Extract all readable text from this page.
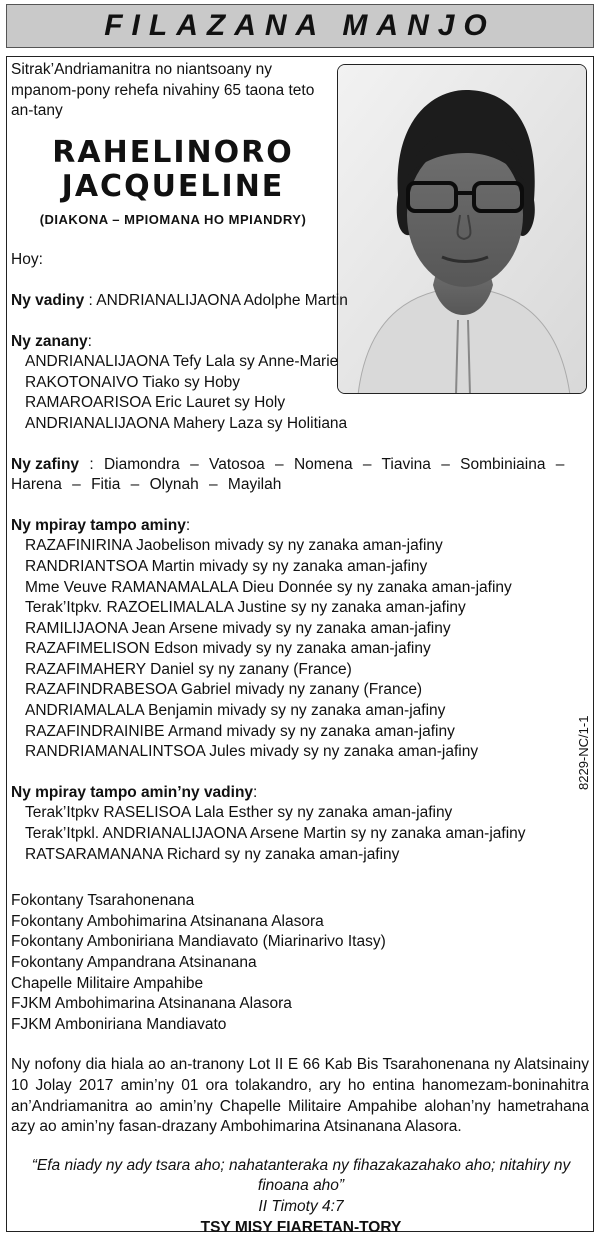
FILAZANA MANJO

Sitrak’Andriamanitra no niantsoany ny mpanom-pony rehefa nivahiny 65 taona teto an-tany

RAHELINORO
JACQUELINE
(DIAKONA – MPIOMANA HO MPIANDRY)

Hoy:

Ny vadiny : ANDRIANALIJAONA Adolphe Martin

Ny zanany:

ANDRIANALIJAONA Tefy Lala sy Anne-Marie
RAKOTONAIVO Tiako sy Hoby
RAMAROARISOA Eric Lauret sy Holy
ANDRIANALIJAONA Mahery Laza sy Holitiana

Ny zafiny : Diamondra – Vatosoa – Nomena – Tiavina – Sombiniaina – Harena – Fitia – Olynah – Mayilah

Ny mpiray tampo aminy:

RAZAFINIRINA Jaobelison mivady sy ny zanaka aman-jafiny
RANDRIANTSOA Martin mivady sy ny zanaka aman-jafiny
Mme Veuve RAMANAMALALA Dieu Donnée sy ny zanaka aman-jafiny
Terak’Itpkv. RAZOELIMALALA Justine sy ny zanaka aman-jafiny
RAMILIJAONA Jean Arsene mivady sy ny zanaka aman-jafiny
RAZAFIMELISON Edson mivady sy ny zanaka aman-jafiny
RAZAFIMAHERY Daniel sy ny zanany (France)
RAZAFINDRABESOA Gabriel mivady ny zanany (France)
ANDRIAMALALA Benjamin mivady sy ny zanaka aman-jafiny
RAZAFINDRAINIBE Armand mivady sy ny zanaka aman-jafiny
RANDRIAMANALINTSOA Jules mivady sy ny zanaka aman-jafiny

Ny mpiray tampo amin’ny vadiny:

Terak’Itpkv RASELISOA Lala Esther sy ny zanaka aman-jafiny
Terak’Itpkl. ANDRIANALIJAONA Arsene Martin sy ny zanaka aman-jafiny
RATSARAMANANA Richard sy ny zanaka aman-jafiny
Fokontany Tsarahonenana
Fokontany Ambohimarina Atsinanana Alasora
Fokontany Amboniriana Mandiavato (Miarinarivo Itasy)
Fokontany Ampandrana Atsinanana
Chapelle Militaire Ampahibe
FJKM Ambohimarina Atsinanana Alasora
FJKM Amboniriana Mandiavato

Ny nofony dia hiala ao an-tranony Lot II E 66 Kab Bis Tsarahonenana ny Alatsinainy 10 Jolay 2017 amin’ny 01 ora tolakandro, ary ho entina hanomezam-boninahitra an’Andriamanitra ao amin’ny Chapelle Militaire Ampahibe alohan’ny hametrahana azy ao amin’ny fasan-drazany Ambohimarina Atsinanana Alasora.

“Efa niady ny ady tsara aho; nahatanteraka ny fihazakazahako aho; nitahiry ny finoana aho”

II Timoty 4:7

TSY MISY FIARETAN-TORY

8229-NC/1-1
